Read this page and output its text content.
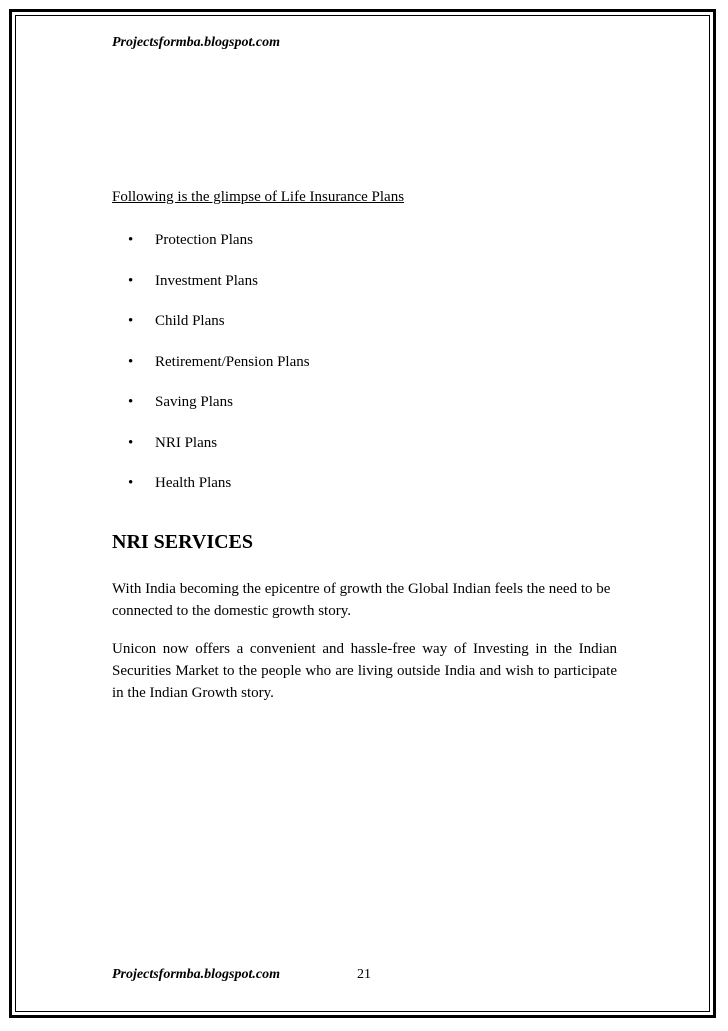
Projectsformba.blogspot.com
Following is the glimpse of Life Insurance Plans
• Protection Plans
• Investment Plans
• Child Plans
• Retirement/Pension Plans
• Saving Plans
• NRI Plans
• Health Plans
NRI SERVICES

With India becoming the epicentre of growth the Global Indian feels the need to be connected to the domestic growth story.

Unicon now offers a convenient and hassle-free way of Investing in the Indian Securities Market to the people who are living outside India and wish to participate in the Indian Growth story.

Projectsformba.blogspot.com	21
